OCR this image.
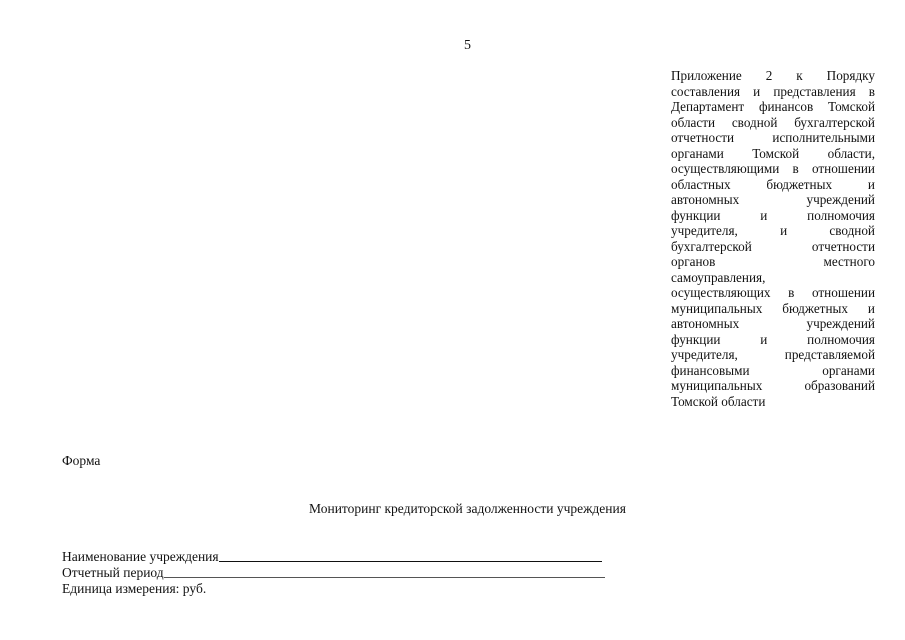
5
Приложение 2 к Порядку
составления и представления в
Департамент финансов Томской
области сводной бухгалтерской
отчетности исполнительными
органами Томской области,
осуществляющими в отношении
областных бюджетных и
автономных учреждений
функции и полномочия
учредителя, и сводной
бухгалтерской отчетности
органов местного
самоуправления,
осуществляющих в отношении
муниципальных бюджетных и
автономных учреждений
функции и полномочия
учредителя, представляемой
финансовыми органами
муниципальных образований
Томской области
Форма
Мониторинг кредиторской задолженности учреждения
Наименование учреждения
Отчетный период
Единица измерения: руб.
